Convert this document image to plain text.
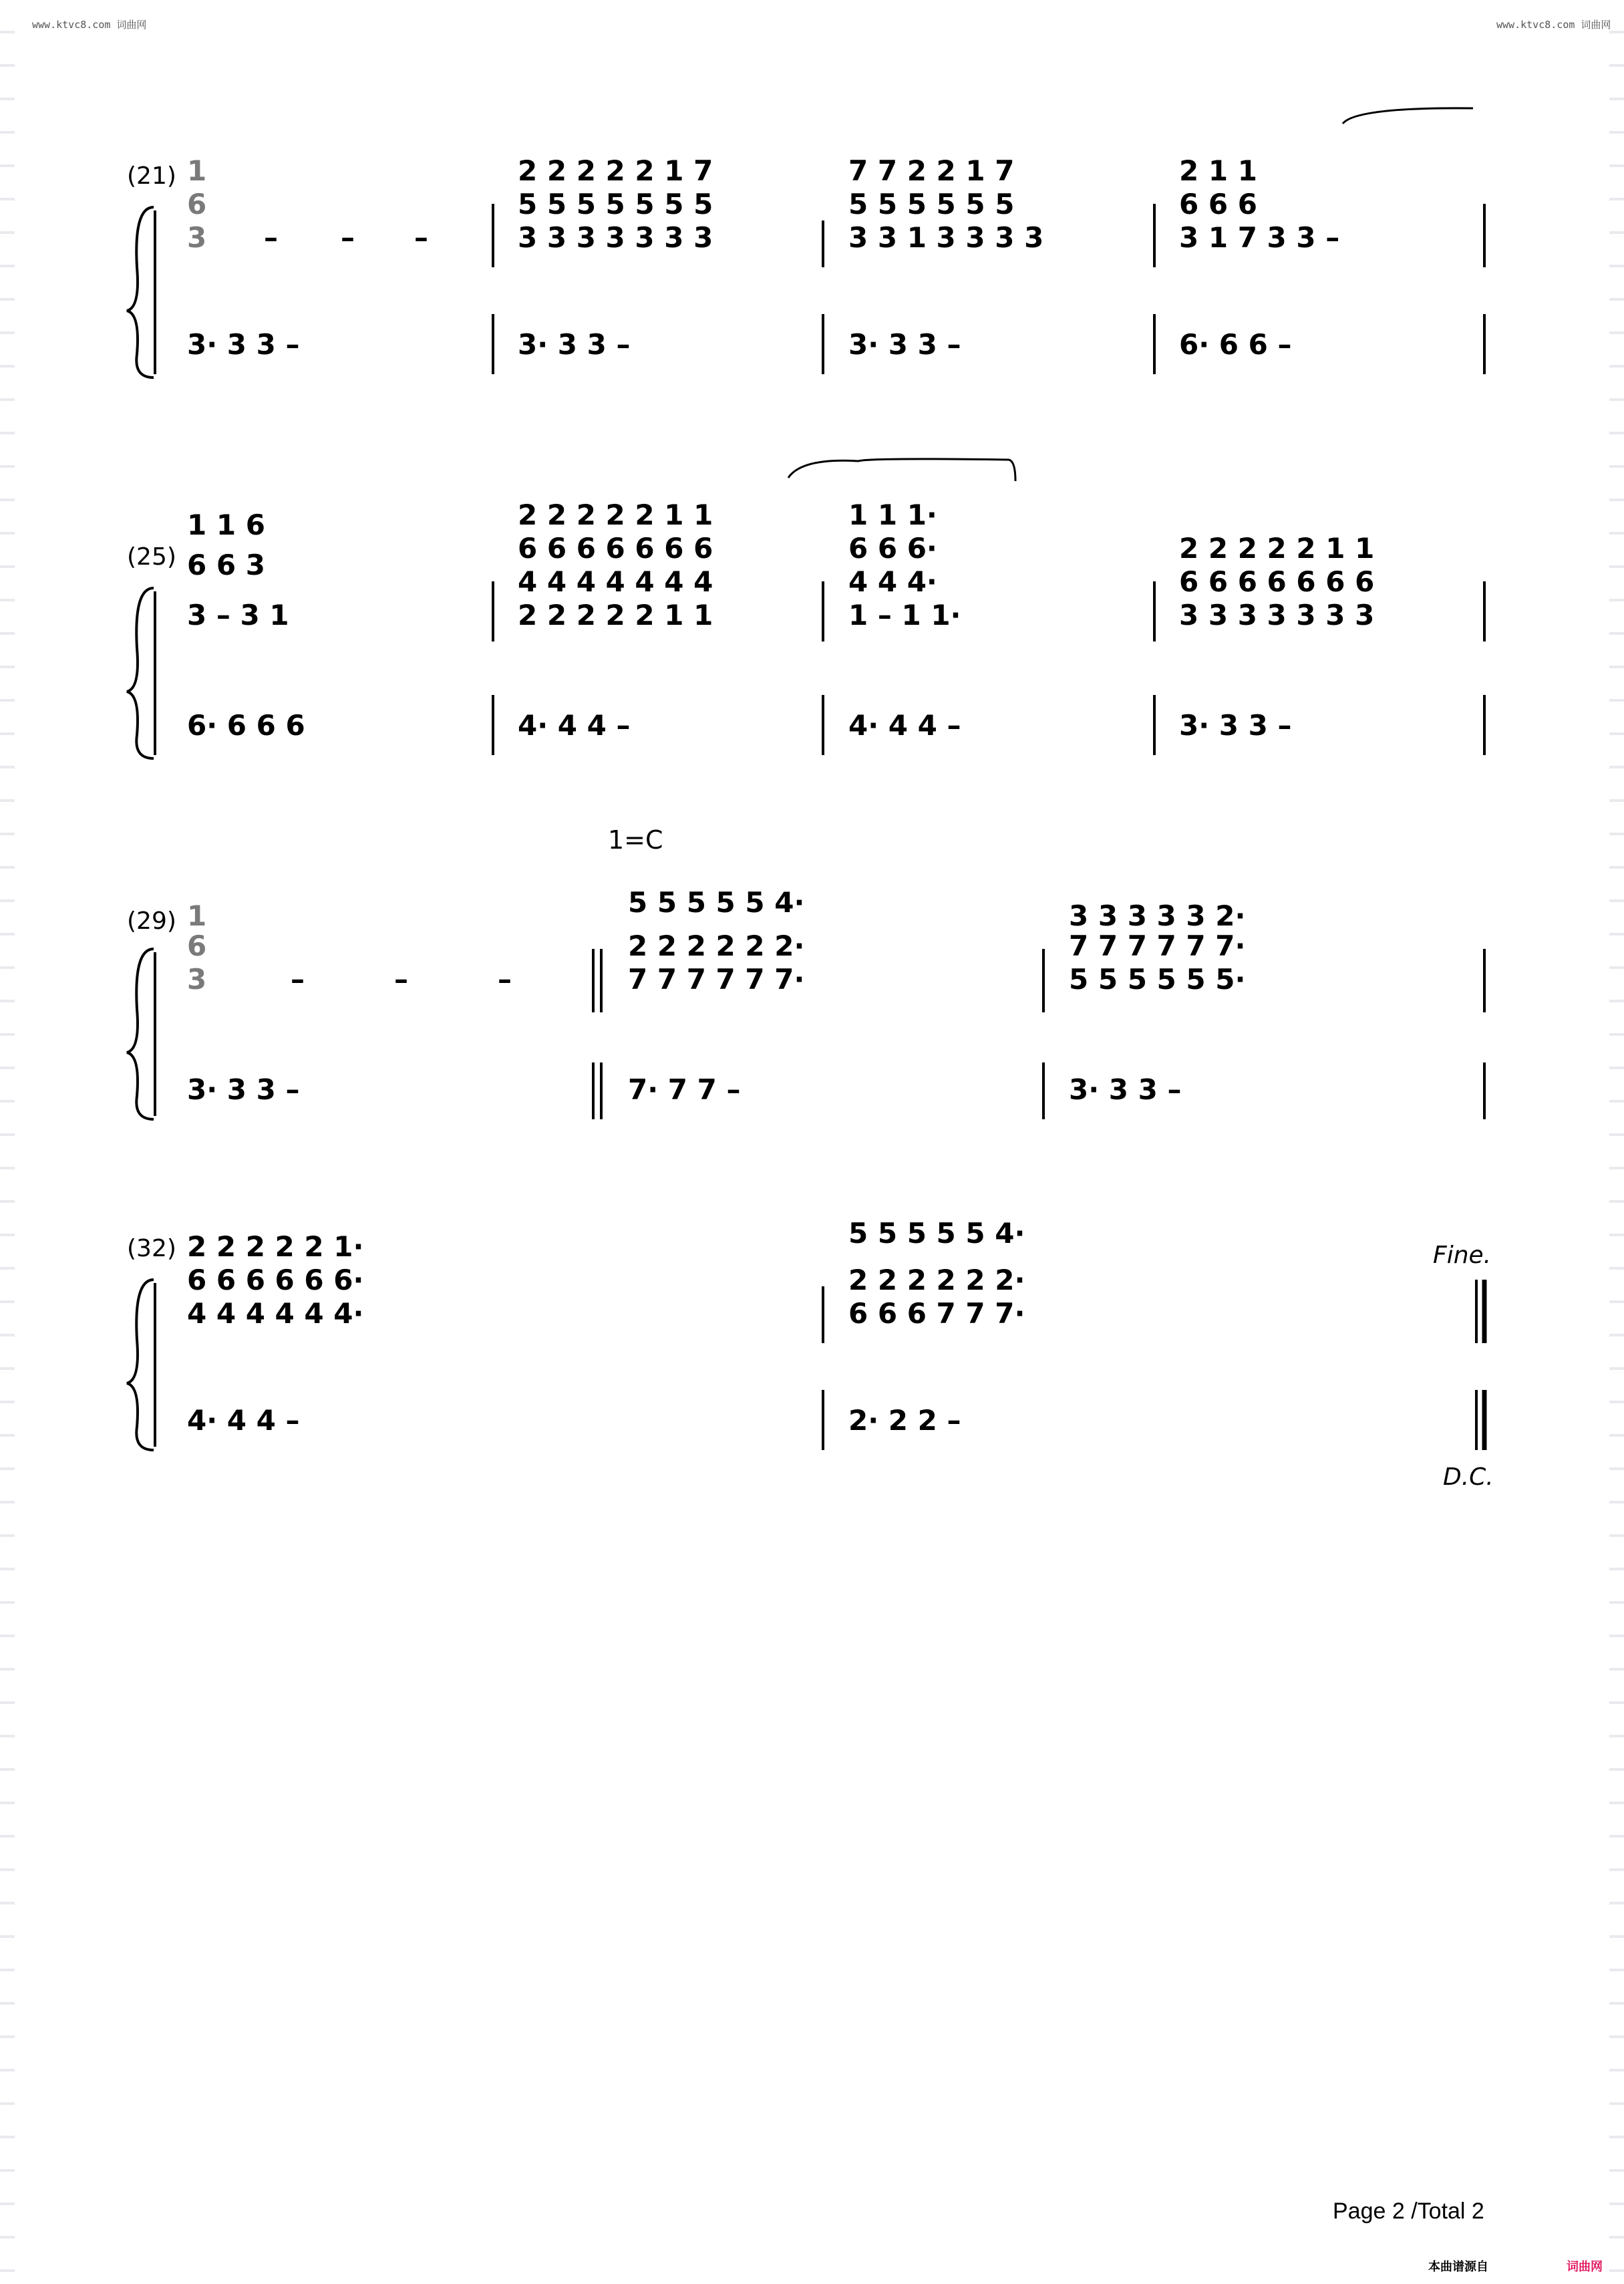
www.ktvc8.com 词曲网	www.ktvc8.com 词曲网
(21) 1
6
3 – – –
2 2 2 2 2 1 7
5 5 5 5 5 5 5
3 3 3 3 3 3 3
7 7 2 2 1 7
5 5 5 5 5 5
3 3 1 3 3 3 3
2 1 1
6 6 6
3 1 7 3 3 –
3· 3 3 –	3· 3 3 –	3· 3 3 –	6· 6 6 –
(25)
1 1 6
6 6 3
3 – 3 1
2 2 2 2 2 1 1
6 6 6 6 6 6 6
4 4 4 4 4 4 4
2 2 2 2 2 1 1
1 1 1·
6 6 6·
4 4 4·
1 – 1 1·
2 2 2 2 2 1 1
6 6 6 6 6 6 6
3 3 3 3 3 3 3
6· 6 6 6	4· 4 4 –	4· 4 4 –	3· 3 3 –
1=C
(29) 1
6
3	–	–	–
5 5 5 5 5 4·
2 2 2 2 2 2·
7 7 7 7 7 7·
3 3 3 3 3 2·
7 7 7 7 7 7·
5 5 5 5 5 5·
3· 3 3 –	7· 7 7 –	3· 3 3 –
(32) 2 2 2 2 2 1·
6 6 6 6 6 6·
4 4 4 4 4 4·
5 5 5 5 5 4·
2 2 2 2 2 2·
6 6 6 7 7 7·
Fine.
4· 4 4 –	2· 2 2 –
D.C.
Page 2 /Total 2
本曲谱源自	词曲网
